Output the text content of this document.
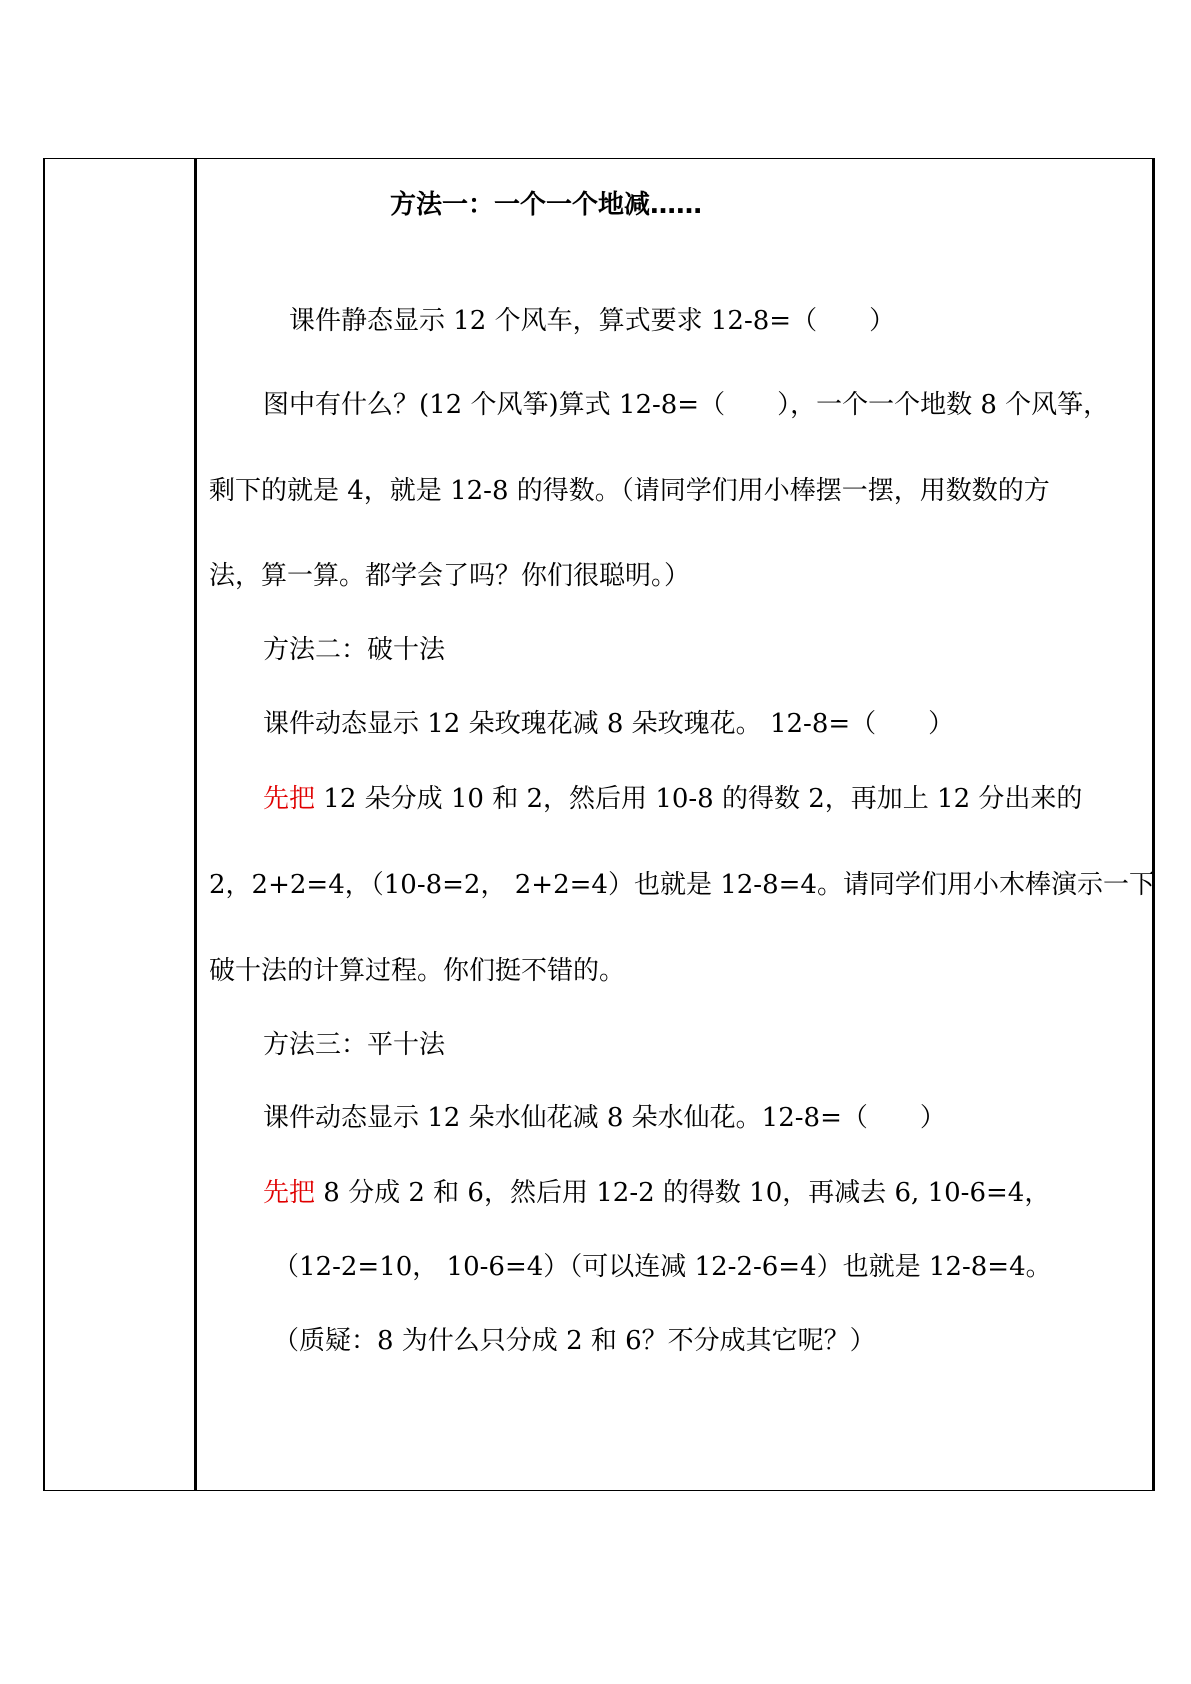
方法一：一个一个地减……
课件静态显示 12 个风车，算式要求 12-8=（　　）
图中有什么？(12 个风筝)算式 12-8=（　　），一个一个地数 8 个风筝，
剩下的就是 4，就是 12-8 的得数。（请同学们用小棒摆一摆，用数数的方
法，算一算。都学会了吗？你们很聪明。）
方法二：破十法
课件动态显示 12 朵玫瑰花减 8 朵玫瑰花。 12-8=（　　）
先把 12 朵分成 10 和 2，然后用 10-8 的得数 2，再加上 12 分出来的
2，2+2=4，（10-8=2， 2+2=4）也就是 12-8=4。请同学们用小木棒演示一下
破十法的计算过程。你们挺不错的。
方法三：平十法
课件动态显示 12 朵水仙花减 8 朵水仙花。12-8=（　　）
先把 8 分成 2 和 6，然后用 12-2 的得数 10，再减去 6, 10-6=4，
（12-2=10， 10-6=4）（可以连减 12-2-6=4）也就是 12-8=4。
（质疑：8 为什么只分成 2 和 6？不分成其它呢？）
